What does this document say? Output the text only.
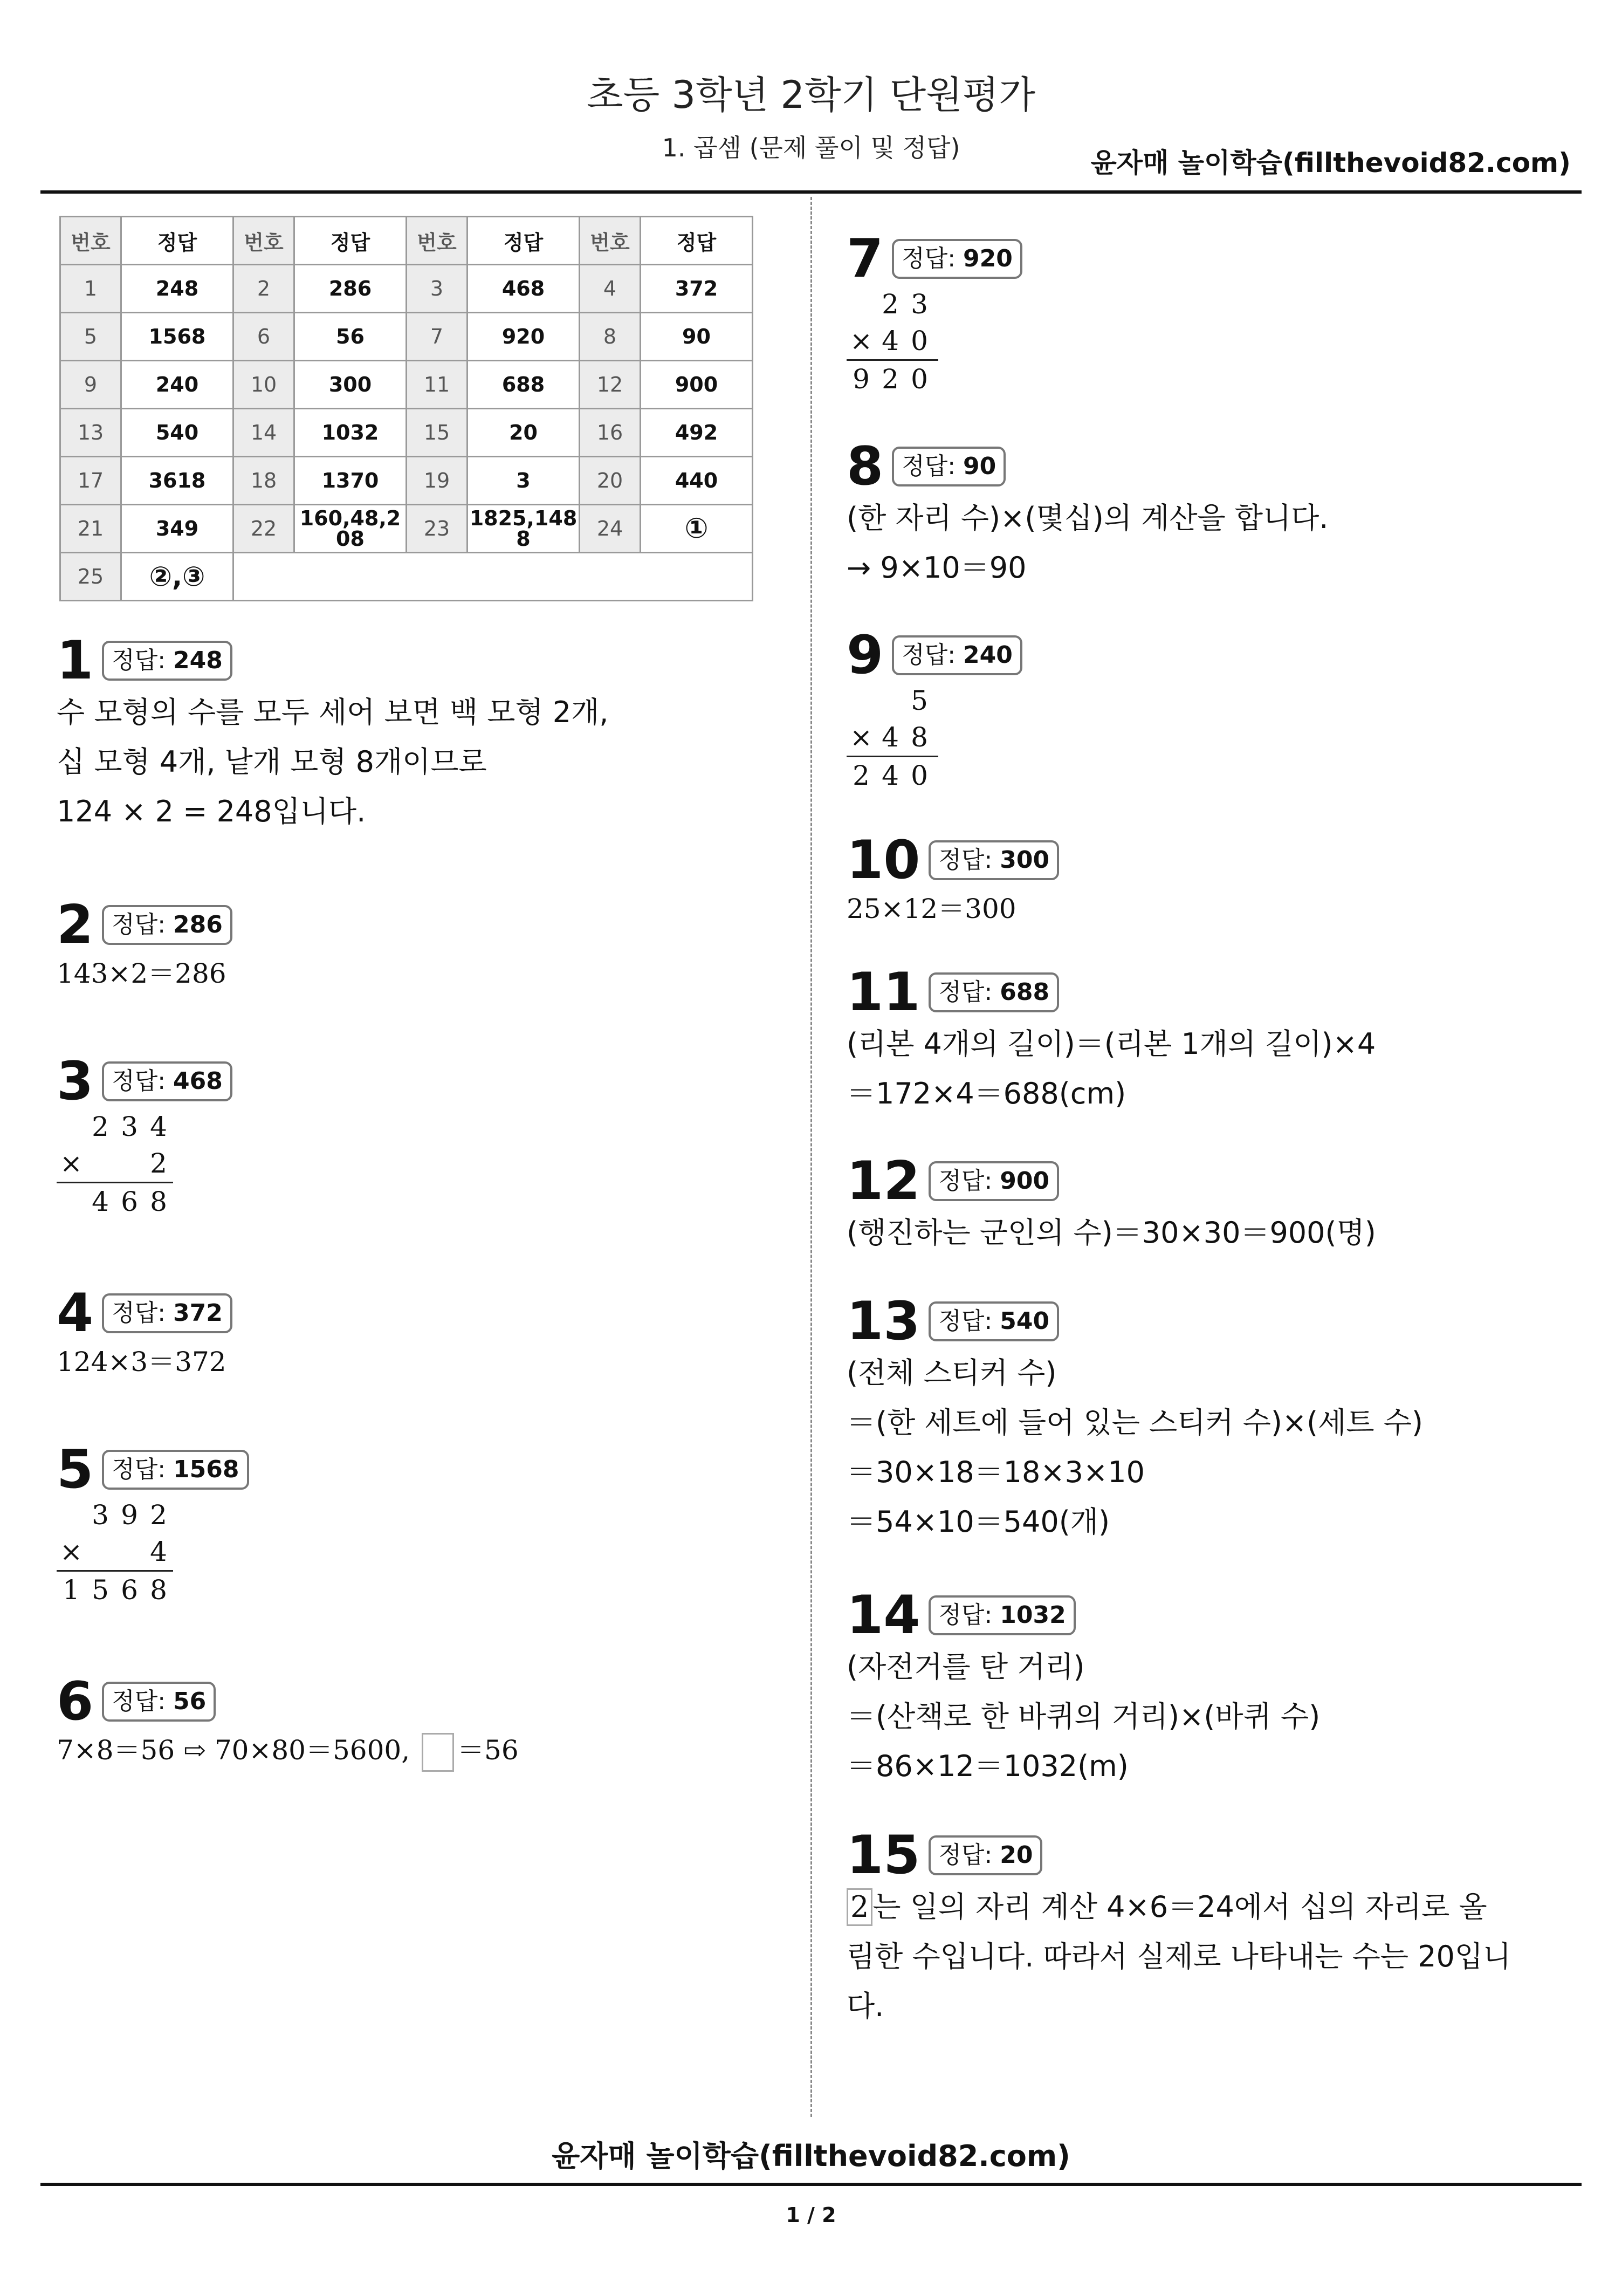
초등 3학년 2학기 단원평가
1. 곱셈 (문제 풀이 및 정답)	윤자매 놀이학습(fillthevoid82.com)
번호	정답	번호	정답	번호	정답	번호	정답
1	248	2	286	3	468	4	372
5	1568	6	56	7	920	8	90
9	240	10	300	11	688	12	900
13	540	14	1032	15	20	16	492
17	3618	18	1370	19	3	20	440
21	349	22	160,48,208	23	1825,1488	24	①
25	②,③						
1 정답: 248
수 모형의 수를 모두 세어 보면 백 모형 2개,
십 모형 4개, 낱개 모형 8개이므로
124 × 2 = 248입니다.
2 정답: 286
143×2＝286
3 정답: 468
2 3 4
×	2
4 6 8
4 정답: 372
124×3＝372
5 정답: 1568
3 9 2
×	4
1 5 6 8
6 정답: 56
7×8＝56 ⇨ 70×80＝5600, ＝56
7 정답: 920
2 3
× 4 0
9 2 0
8 정답: 90
(한 자리 수)×(몇십)의 계산을 합니다.
→ 9×10＝90
9 정답: 240
5
× 4 8
2 4 0
10 정답: 300
25×12＝300
11 정답: 688
(리본 4개의 길이)＝(리본 1개의 길이)×4
＝172×4＝688(cm)
12 정답: 900
(행진하는 군인의 수)＝30×30＝900(명)
13 정답: 540
(전체 스티커 수)
＝(한 세트에 들어 있는 스티커 수)×(세트 수)
＝30×18＝18×3×10
＝54×10＝540(개)
14 정답: 1032
(자전거를 탄 거리)
＝(산책로 한 바퀴의 거리)×(바퀴 수)
＝86×12＝1032(m)
15 정답: 20
2 는 일의 자리 계산 4×6＝24에서 십의 자리로 올
림한 수입니다. 따라서 실제로 나타내는 수는 20입니
다.
윤자매 놀이학습(fillthevoid82.com)
1 / 2
